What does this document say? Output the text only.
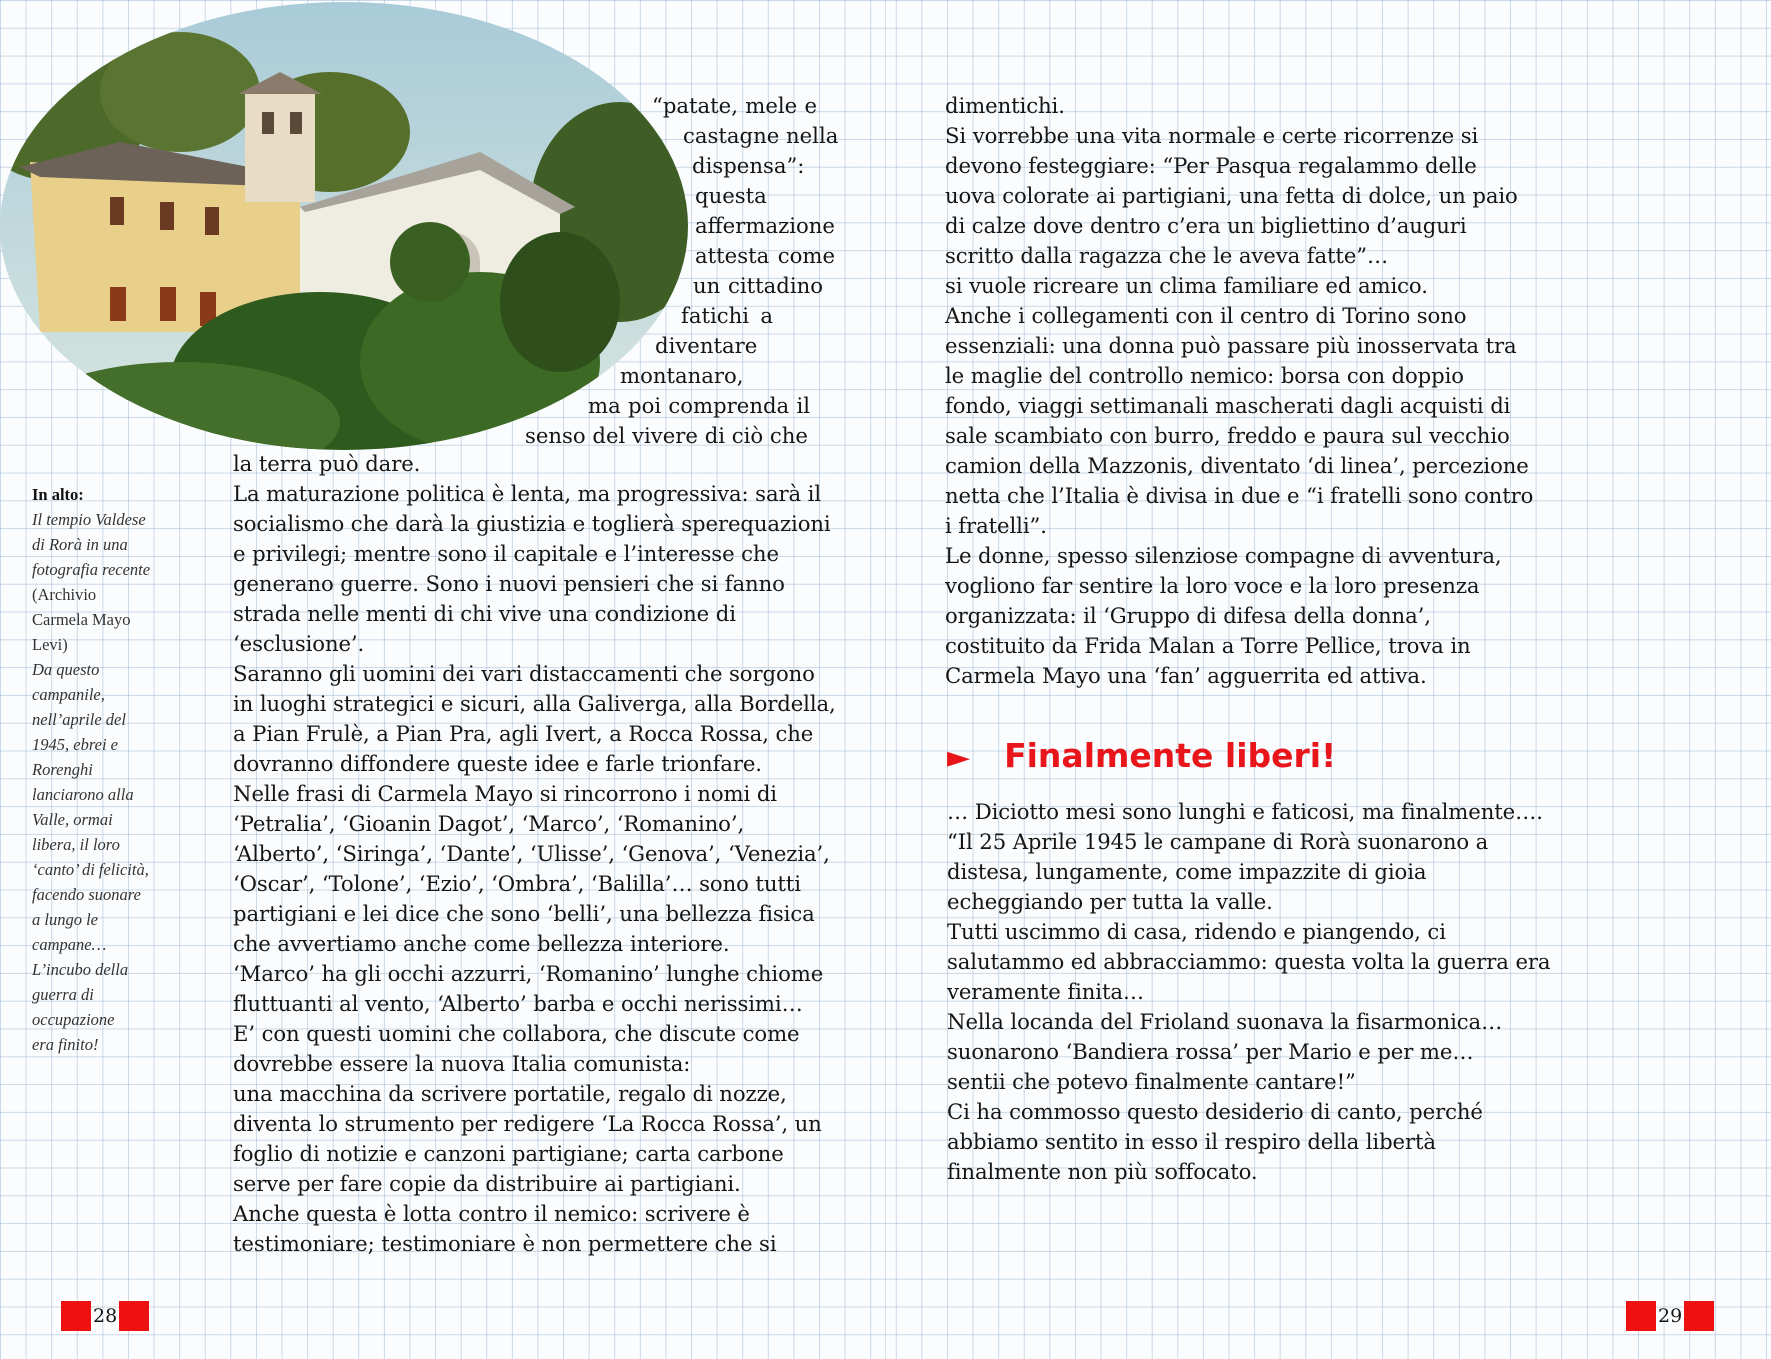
“patate, mele e
castagne nella
dispensa”:
questa
affermazione
attesta come
un cittadino
fatichi a
diventare
montanaro,
ma poi comprenda il
senso del vivere di ciò che
la terra può dare.
La maturazione politica è lenta, ma progressiva: sarà il
socialismo che darà la giustizia e toglierà sperequazioni
e privilegi; mentre sono il capitale e l’interesse che
generano guerre. Sono i nuovi pensieri che si fanno
strada nelle menti di chi vive una condizione di
‘esclusione’.
Saranno gli uomini dei vari distaccamenti che sorgono
in luoghi strategici e sicuri, alla Galiverga, alla Bordella,
a Pian Frulè, a Pian Pra, agli Ivert, a Rocca Rossa, che
dovranno diffondere queste idee e farle trionfare.
Nelle frasi di Carmela Mayo si rincorrono i nomi di
‘Petralia’, ‘Gioanin Dagot’, ‘Marco’, ‘Romanino’,
‘Alberto’, ‘Siringa’, ‘Dante’, ‘Ulisse’, ‘Genova’, ‘Venezia’,
‘Oscar’, ‘Tolone’, ‘Ezio’, ‘Ombra’, ‘Balilla’… sono tutti
partigiani e lei dice che sono ‘belli’, una bellezza fisica
che avvertiamo anche come bellezza interiore.
‘Marco’ ha gli occhi azzurri, ‘Romanino’ lunghe chiome
fluttuanti al vento, ‘Alberto’ barba e occhi nerissimi…
E’ con questi uomini che collabora, che discute come
dovrebbe essere la nuova Italia comunista:
una macchina da scrivere portatile, regalo di nozze,
diventa lo strumento per redigere ‘La Rocca Rossa’, un
foglio di notizie e canzoni partigiane; carta carbone
serve per fare copie da distribuire ai partigiani.
Anche questa è lotta contro il nemico: scrivere è
testimoniare; testimoniare è non permettere che si
In alto:
Il tempio Valdese
di Rorà in una
fotografia recente
(Archivio
Carmela Mayo
Levi)
Da questo
campanile,
nell’aprile del
1945, ebrei e
Rorenghi
lanciarono alla
Valle, ormai
libera, il loro
‘canto’ di felicità,
facendo suonare
a lungo le
campane…
L’incubo della
guerra di
occupazione
era finito!
dimentichi.
Si vorrebbe una vita normale e certe ricorrenze si
devono festeggiare: “Per Pasqua regalammo delle
uova colorate ai partigiani, una fetta di dolce, un paio
di calze dove dentro c’era un bigliettino d’auguri
scritto dalla ragazza che le aveva fatte”…
si vuole ricreare un clima familiare ed amico.
Anche i collegamenti con il centro di Torino sono
essenziali: una donna può passare più inosservata tra
le maglie del controllo nemico: borsa con doppio
fondo, viaggi settimanali mascherati dagli acquisti di
sale scambiato con burro, freddo e paura sul vecchio
camion della Mazzonis, diventato ‘di linea’, percezione
netta che l’Italia è divisa in due e “i fratelli sono contro
i fratelli”.
Le donne, spesso silenziose compagne di avventura,
vogliono far sentire la loro voce e la loro presenza
organizzata: il ‘Gruppo di difesa della donna’,
costituito da Frida Malan a Torre Pellice, trova in
Carmela Mayo una ‘fan’ agguerrita ed attiva.
► Finalmente liberi!
… Diciotto mesi sono lunghi e faticosi, ma finalmente….
“Il 25 Aprile 1945 le campane di Rorà suonarono a
distesa, lungamente, come impazzite di gioia
echeggiando per tutta la valle.
Tutti uscimmo di casa, ridendo e piangendo, ci
salutammo ed abbracciammo: questa volta la guerra era
veramente finita…
Nella locanda del Frioland suonava la fisarmonica…
suonarono ‘Bandiera rossa’ per Mario e per me…
sentii che potevo finalmente cantare!”
Ci ha commosso questo desiderio di canto, perché
abbiamo sentito in esso il respiro della libertà
finalmente non più soffocato.
28	29
